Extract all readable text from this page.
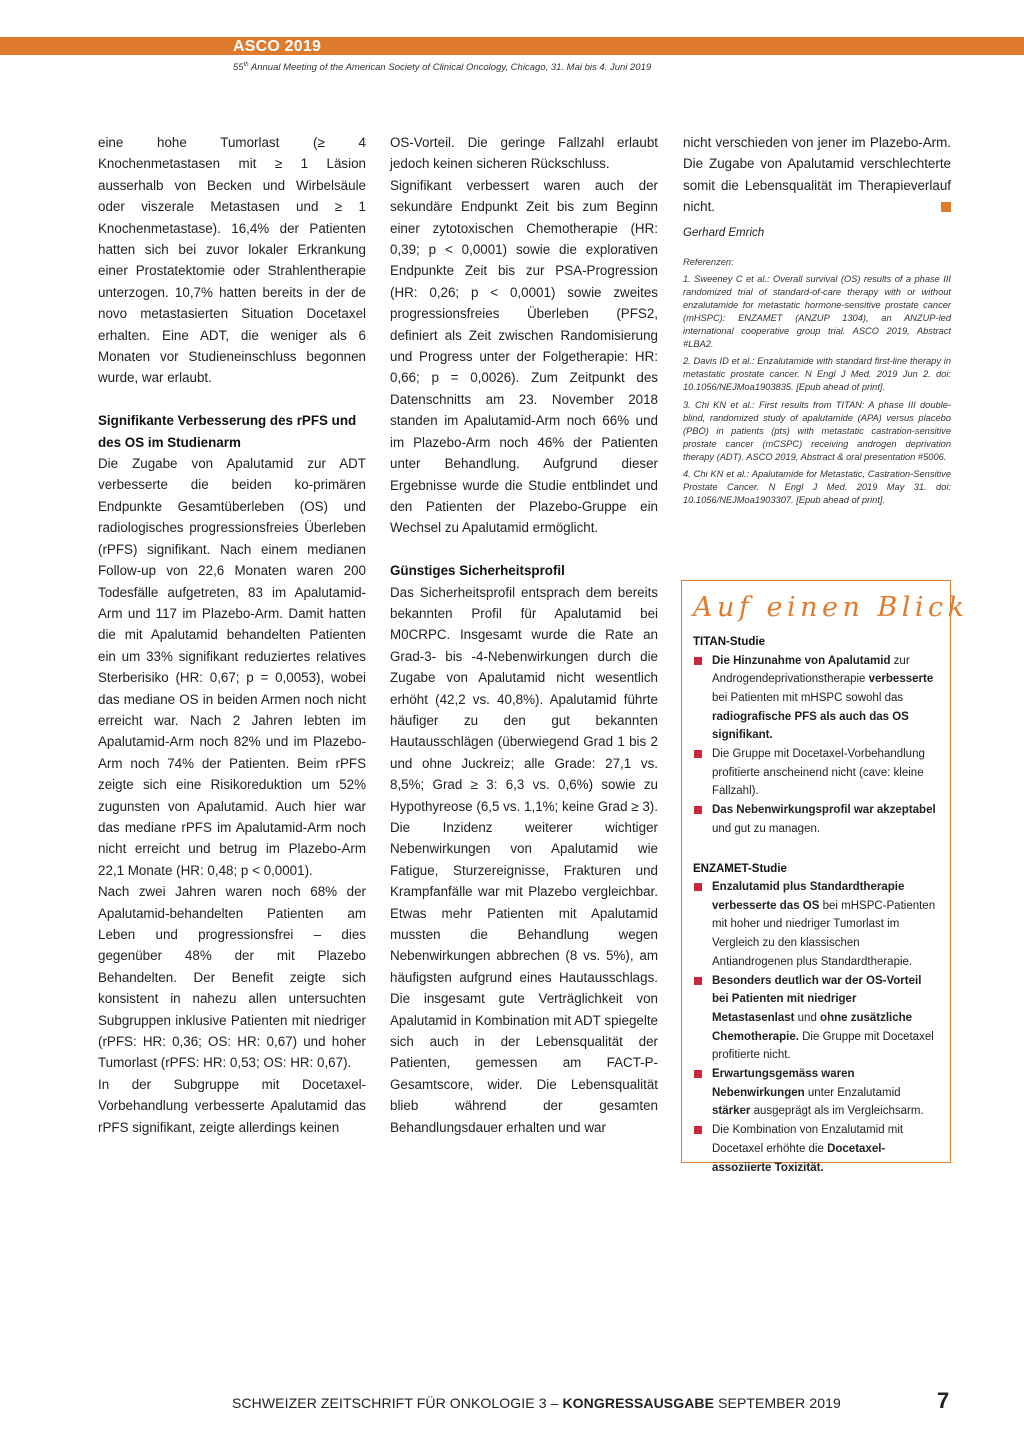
ASCO 2019
55th Annual Meeting of the American Society of Clinical Oncology, Chicago, 31. Mai bis 4. Juni 2019

eine hohe Tumorlast (≥ 4 Knochenmetastasen mit ≥ 1 Läsion ausserhalb von Becken und Wirbelsäule oder viszerale Metastasen und ≥ 1 Knochenmetastase). 16,4% der Patienten hatten sich bei zuvor lokaler Erkrankung einer Prostatektomie oder Strahlentherapie unterzogen. 10,7% hatten bereits in der de novo metastasierten Situation Docetaxel erhalten. Eine ADT, die weniger als 6 Monaten vor Studieneinschluss begonnen wurde, war erlaubt.

Signifikante Verbesserung des rPFS und des OS im Studienarm

Die Zugabe von Apalutamid zur ADT verbesserte die beiden ko-primären Endpunkte Gesamtüberleben (OS) und radiologisches progressionsfreies Überleben (rPFS) signifikant. Nach einem medianen Follow-up von 22,6 Monaten waren 200 Todesfälle aufgetreten, 83 im Apalutamid-Arm und 117 im Plazebo-Arm. Damit hatten die mit Apalutamid behandelten Patienten ein um 33% signifikant reduziertes relatives Sterberisiko (HR: 0,67; p = 0,0053), wobei das mediane OS in beiden Armen noch nicht erreicht war. Nach 2 Jahren lebten im Apalutamid-Arm noch 82% und im Plazebo-Arm noch 74% der Patienten. Beim rPFS zeigte sich eine Risikoreduktion um 52% zugunsten von Apalutamid. Auch hier war das mediane rPFS im Apalutamid-Arm noch nicht erreicht und betrug im Plazebo-Arm 22,1 Monate (HR: 0,48; p < 0,0001).

Nach zwei Jahren waren noch 68% der Apalutamid-behandelten Patienten am Leben und progressionsfrei – dies gegenüber 48% der mit Plazebo Behandelten. Der Benefit zeigte sich konsistent in nahezu allen untersuchten Subgruppen inklusive Patienten mit niedriger (rPFS: HR: 0,36; OS: HR: 0,67) und hoher Tumorlast (rPFS: HR: 0,53; OS: HR: 0,67).

In der Subgruppe mit Docetaxel-Vorbehandlung verbesserte Apalutamid das rPFS signifikant, zeigte allerdings keinen

OS-Vorteil. Die geringe Fallzahl erlaubt jedoch keinen sicheren Rückschluss.

Signifikant verbessert waren auch der sekundäre Endpunkt Zeit bis zum Beginn einer zytotoxischen Chemotherapie (HR: 0,39; p < 0,0001) sowie die explorativen Endpunkte Zeit bis zur PSA-Progression (HR: 0,26; p < 0,0001) sowie zweites progressionsfreies Überleben (PFS2, definiert als Zeit zwischen Randomisierung und Progress unter der Folgetherapie: HR: 0,66; p = 0,0026). Zum Zeitpunkt des Datenschnitts am 23. November 2018 standen im Apalutamid-Arm noch 66% und im Plazebo-Arm noch 46% der Patienten unter Behandlung. Aufgrund dieser Ergebnisse wurde die Studie entblindet und den Patienten der Plazebo-Gruppe ein Wechsel zu Apalutamid ermöglicht.

Günstiges Sicherheitsprofil

Das Sicherheitsprofil entsprach dem bereits bekannten Profil für Apalutamid bei M0CRPC. Insgesamt wurde die Rate an Grad-3- bis -4-Nebenwirkungen durch die Zugabe von Apalutamid nicht wesentlich erhöht (42,2 vs. 40,8%). Apalutamid führte häufiger zu den gut bekannten Hautausschlägen (überwiegend Grad 1 bis 2 und ohne Juckreiz; alle Grade: 27,1 vs. 8,5%; Grad ≥ 3: 6,3 vs. 0,6%) sowie zu Hypothyreose (6,5 vs. 1,1%; keine Grad ≥ 3). Die Inzidenz weiterer wichtiger Nebenwirkungen von Apalutamid wie Fatigue, Sturzereignisse, Frakturen und Krampfanfälle war mit Plazebo vergleichbar. Etwas mehr Patienten mit Apalutamid mussten die Behandlung wegen Nebenwirkungen abbrechen (8 vs. 5%), am häufigsten aufgrund eines Hautausschlags. Die insgesamt gute Verträglichkeit von Apalutamid in Kombination mit ADT spiegelte sich auch in der Lebensqualität der Patienten, gemessen am FACT-P-Gesamtscore, wider. Die Lebensqualität blieb während der gesamten Behandlungsdauer erhalten und war

nicht verschieden von jener im Plazebo-Arm. Die Zugabe von Apalutamid verschlechterte somit die Lebensqualität im Therapieverlauf nicht.

Gerhard Emrich

Referenzen:

1. Sweeney C et al.: Overall survival (OS) results of a phase III randomized trial of standard-of-care therapy with or without enzalutamide for metastatic hormone-sensitive prostate cancer (mHSPC): ENZAMET (ANZUP 1304), an ANZUP-led international cooperative group trial. ASCO 2019, Abstract #LBA2.

2. Davis ID et al.: Enzalutamide with standard first-line therapy in metastatic prostate cancer. N Engl J Med. 2019 Jun 2. doi: 10.1056/NEJMoa1903835. [Epub ahead of print].

3. Chi KN et al.: First results from TITAN: A phase III double-blind, randomized study of apalutamide (APA) versus placebo (PBO) in patients (pts) with metastatic castration-sensitive prostate cancer (mCSPC) receiving androgen deprivation therapy (ADT). ASCO 2019, Abstract & oral presentation #5006.

4. Chi KN et al.: Apalutamide for Metastatic, Castration-Sensitive Prostate Cancer. N Engl J Med. 2019 May 31. doi: 10.1056/NEJMoa1903307. [Epub ahead of print].

Auf einen Blick
TITAN-Studie
Die Hinzunahme von Apalutamid zur Androgendeprivationstherapie verbesserte bei Patienten mit mHSPC sowohl das radiografische PFS als auch das OS signifikant.
Die Gruppe mit Docetaxel-Vorbehandlung profitierte anscheinend nicht (cave: kleine Fallzahl).
Das Nebenwirkungsprofil war akzeptabel und gut zu managen.
ENZAMET-Studie
Enzalutamid plus Standardtherapie verbesserte das OS bei mHSPC-Patienten mit hoher und niedriger Tumorlast im Vergleich zu den klassischen Antiandrogenen plus Standardtherapie.
Besonders deutlich war der OS-Vorteil bei Patienten mit niedriger Metastasenlast und ohne zusätzliche Chemotherapie. Die Gruppe mit Docetaxel profitierte nicht.
Erwartungsgemäss waren Nebenwirkungen unter Enzalutamid stärker ausgeprägt als im Vergleichsarm.
Die Kombination von Enzalutamid mit Docetaxel erhöhte die Docetaxel-assoziierte Toxizität.
SCHWEIZER ZEITSCHRIFT FÜR ONKOLOGIE 3 – KONGRESSAUSGABE SEPTEMBER 2019	7
